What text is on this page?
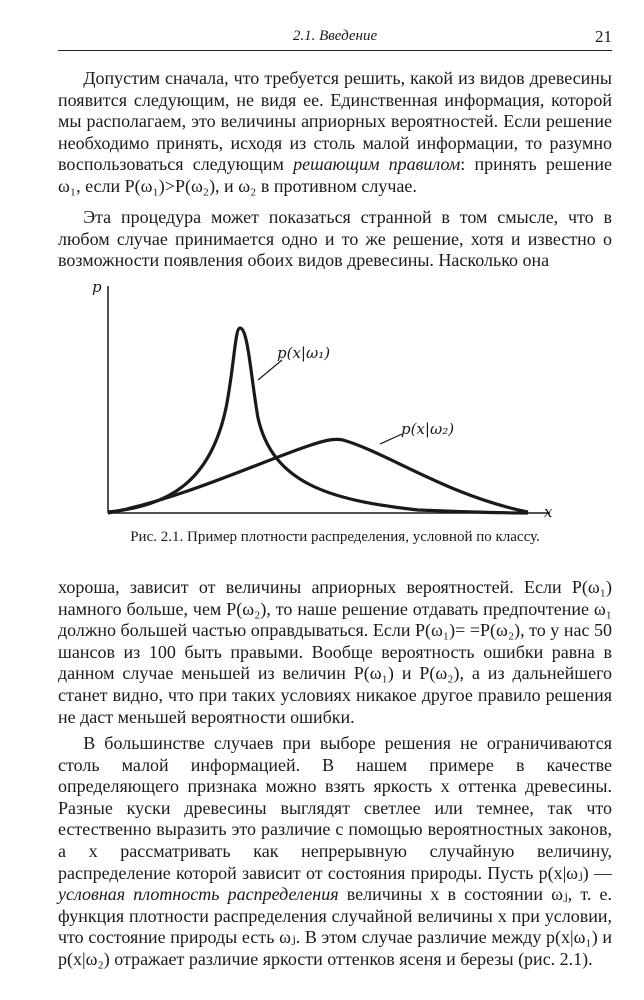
2.1. Введение	21

Допустим сначала, что требуется решить, какой из видов древесины появится следующим, не видя ее. Единственная информация, которой мы располагаем, это величины априорных вероятностей. Если решение необходимо принять, исходя из столь малой информации, то разумно воспользоваться следующим решающим правилом: принять решение ω₁, если P(ω₁)>P(ω₂), и ω₂ в противном случае.

Эта процедура может показаться странной в том смысле, что в любом случае принимается одно и то же решение, хотя и известно о возможности появления обоих видов древесины. Насколько она

p
x
p(x|ω₁)
p(x|ω₂)
Рис. 2.1. Пример плотности распределения, условной по классу.

хороша, зависит от величины априорных вероятностей. Если P(ω₁) намного больше, чем P(ω₂), то наше решение отдавать предпочтение ω₁ должно большей частью оправдываться. Если P(ω₁)= =P(ω₂), то у нас 50 шансов из 100 быть правыми. Вообще вероятность ошибки равна в данном случае меньшей из величин P(ω₁) и P(ω₂), а из дальнейшего станет видно, что при таких условиях никакое другое правило решения не даст меньшей вероятности ошибки.

В большинстве случаев при выборе решения не ограничиваются столь малой информацией. В нашем примере в качестве определяющего признака можно взять яркость x оттенка древесины. Разные куски древесины выглядят светлее или темнее, так что естественно выразить это различие с помощью вероятностных законов, а x рассматривать как непрерывную случайную величину, распределение которой зависит от состояния природы. Пусть p(x|ωⱼ) — условная плотность распределения величины x в состоянии ωⱼ, т. е. функция плотности распределения случайной величины x при условии, что состояние природы есть ωⱼ. В этом случае различие между p(x|ω₁) и p(x|ω₂) отражает различие яркости оттенков ясеня и березы (рис. 2.1).
